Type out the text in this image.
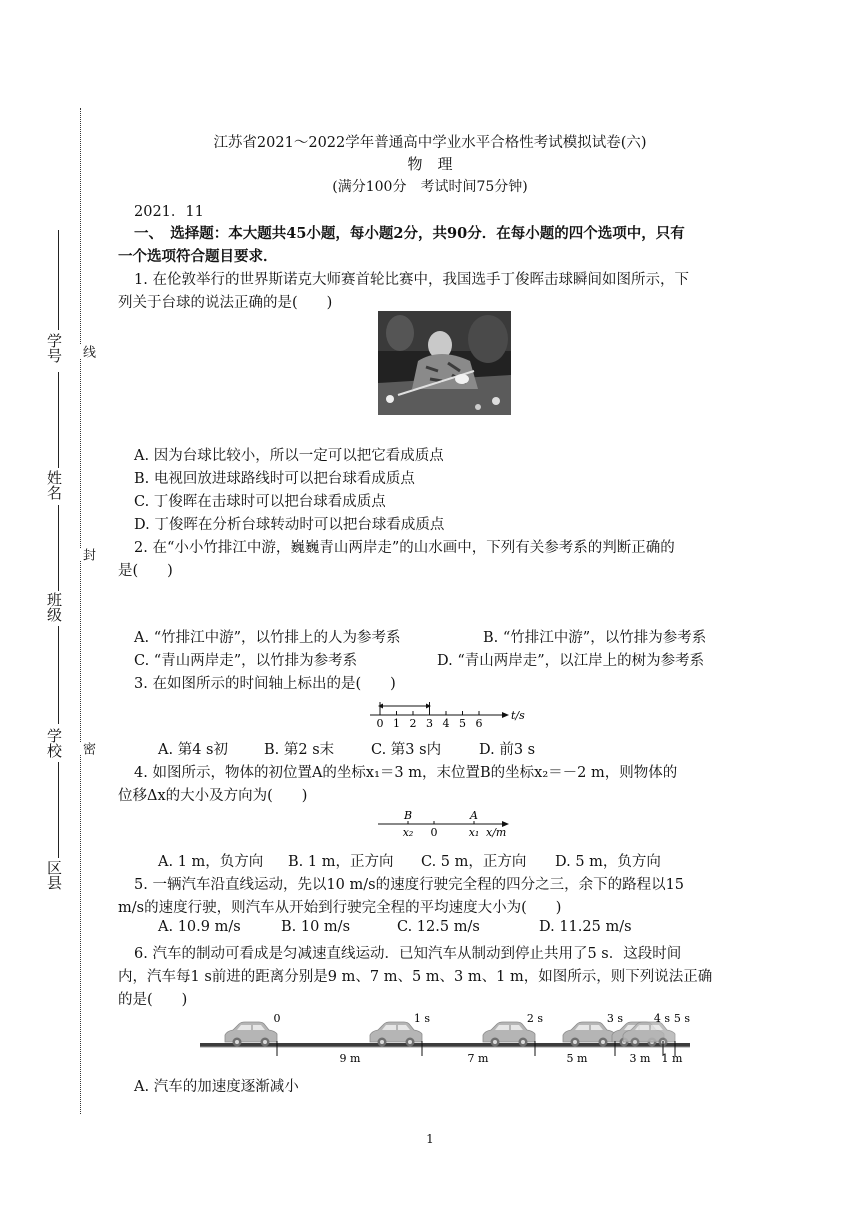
学号
姓名
班级
学校
区县
线
封
密
江苏省2021～2022学年普通高中学业水平合格性考试模拟试卷(六)
物　理
(满分100分　考试时间75分钟)
2021．11
一、　选择题：本大题共45小题，每小题2分，共90分．在每小题的四个选项中，只有
一个选项符合题目要求．
1. 在伦敦举行的世界斯诺克大师赛首轮比赛中，我国选手丁俊晖击球瞬间如图所示，下
列关于台球的说法正确的是(　　)
A. 因为台球比较小，所以一定可以把它看成质点
B. 电视回放进球路线时可以把台球看成质点
C. 丁俊晖在击球时可以把台球看成质点
D. 丁俊晖在分析台球转动时可以把台球看成质点
2. 在“小小竹排江中游，巍巍青山两岸走”的山水画中，下列有关参考系的判断正确的
是(　　)
A. “竹排江中游”，以竹排上的人为参考系	B. “竹排江中游”，以竹排为参考系
C. “青山两岸走”，以竹排为参考系	D. “青山两岸走”，以江岸上的树为参考系
3. 在如图所示的时间轴上标出的是(　　)
0 1 2 3 4 5 6
t/s
A. 第4 s初 B. 第2 s末	C. 第3 s内	D. 前3 s
4. 如图所示，物体的初位置A的坐标x₁＝3 m，末位置B的坐标x₂＝－2 m，则物体的
位移Δx的大小及方向为(　　)
B	A
x₂ 0	x₁ x/m
A. 1 m，负方向 B. 1 m，正方向 C. 5 m，正方向 D. 5 m，负方向
5. 一辆汽车沿直线运动，先以10 m/s的速度行驶完全程的四分之三，余下的路程以15
m/s的速度行驶，则汽车从开始到行驶完全程的平均速度大小为(　　)
A. 10.9 m/s	B. 10 m/s	C. 12.5 m/s	D. 11.25 m/s
6. 汽车的制动可看成是匀减速直线运动．已知汽车从制动到停止共用了5 s．这段时间
内，汽车每1 s前进的距离分别是9 m、7 m、5 m、3 m、1 m，如图所示，则下列说法正确
的是(　　)
0	1 s	2 s	3 s	4 s 5 s
9 m	7 m	5 m	3 m 1 m
A. 汽车的加速度逐渐减小
1
